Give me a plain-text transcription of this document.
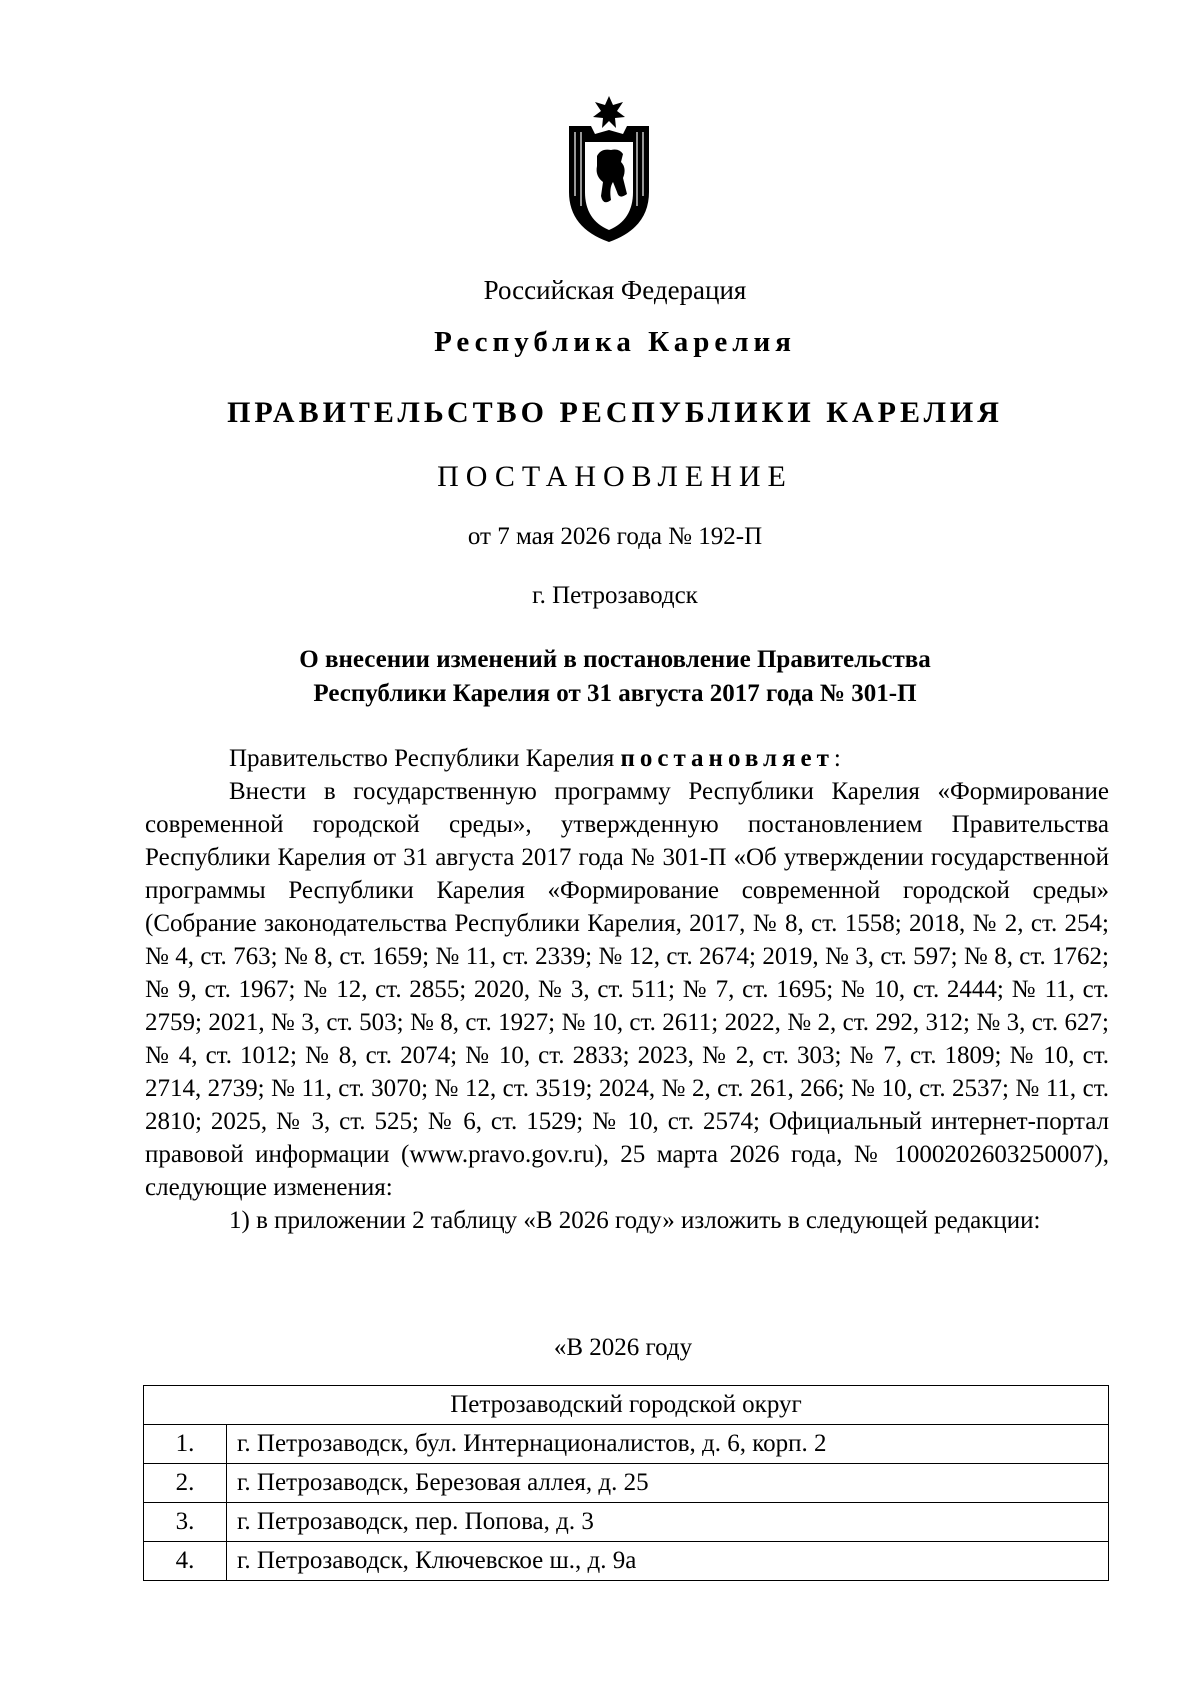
Российская Федерация
Республика Карелия
ПРАВИТЕЛЬСТВО РЕСПУБЛИКИ КАРЕЛИЯ
ПОСТАНОВЛЕНИЕ
от 7 мая 2026 года № 192-П
г. Петрозаводск
О внесении изменений в постановление Правительства
Республики Карелия от 31 августа 2017 года № 301-П

Правительство Республики Карелия постановляет:

Внести в государственную программу Республики Карелия «Формирование современной городской среды», утвержденную постановлением Правительства Республики Карелия от 31 августа 2017 года № 301-П «Об утверждении государственной программы Республики Карелия «Формирование современной городской среды» (Собрание законодательства Республики Карелия, 2017, № 8, ст. 1558; 2018, № 2, ст. 254; № 4, ст. 763; № 8, ст. 1659; № 11, ст. 2339; № 12, ст. 2674; 2019, № 3, ст. 597; № 8, ст. 1762; № 9, ст. 1967; № 12, ст. 2855; 2020, № 3, ст. 511; № 7, ст. 1695; № 10, ст. 2444; № 11, ст. 2759; 2021, № 3, ст. 503; № 8, ст. 1927; № 10, ст. 2611; 2022, № 2, ст. 292, 312; № 3, ст. 627; № 4, ст. 1012; № 8, ст. 2074; № 10, ст. 2833; 2023, № 2, ст. 303; № 7, ст. 1809; № 10, ст. 2714, 2739; № 11, ст. 3070; № 12, ст. 3519; 2024, № 2, ст. 261, 266; № 10, ст. 2537; № 11, ст. 2810; 2025, № 3, ст. 525; № 6, ст. 1529; № 10, ст. 2574; Официальный интернет-портал правовой информации (www.pravo.gov.ru), 25 марта 2026 года, № 1000202603250007), следующие изменения:

1) в приложении 2 таблицу «В 2026 году» изложить в следующей редакции:

«В 2026 году
Петрозаводский городской округ	
1.	г. Петрозаводск, бул. Интернационалистов, д. 6, корп. 2
2.	г. Петрозаводск, Березовая аллея, д. 25
3.	г. Петрозаводск, пер. Попова, д. 3
4.	г. Петрозаводск, Ключевское ш., д. 9а
